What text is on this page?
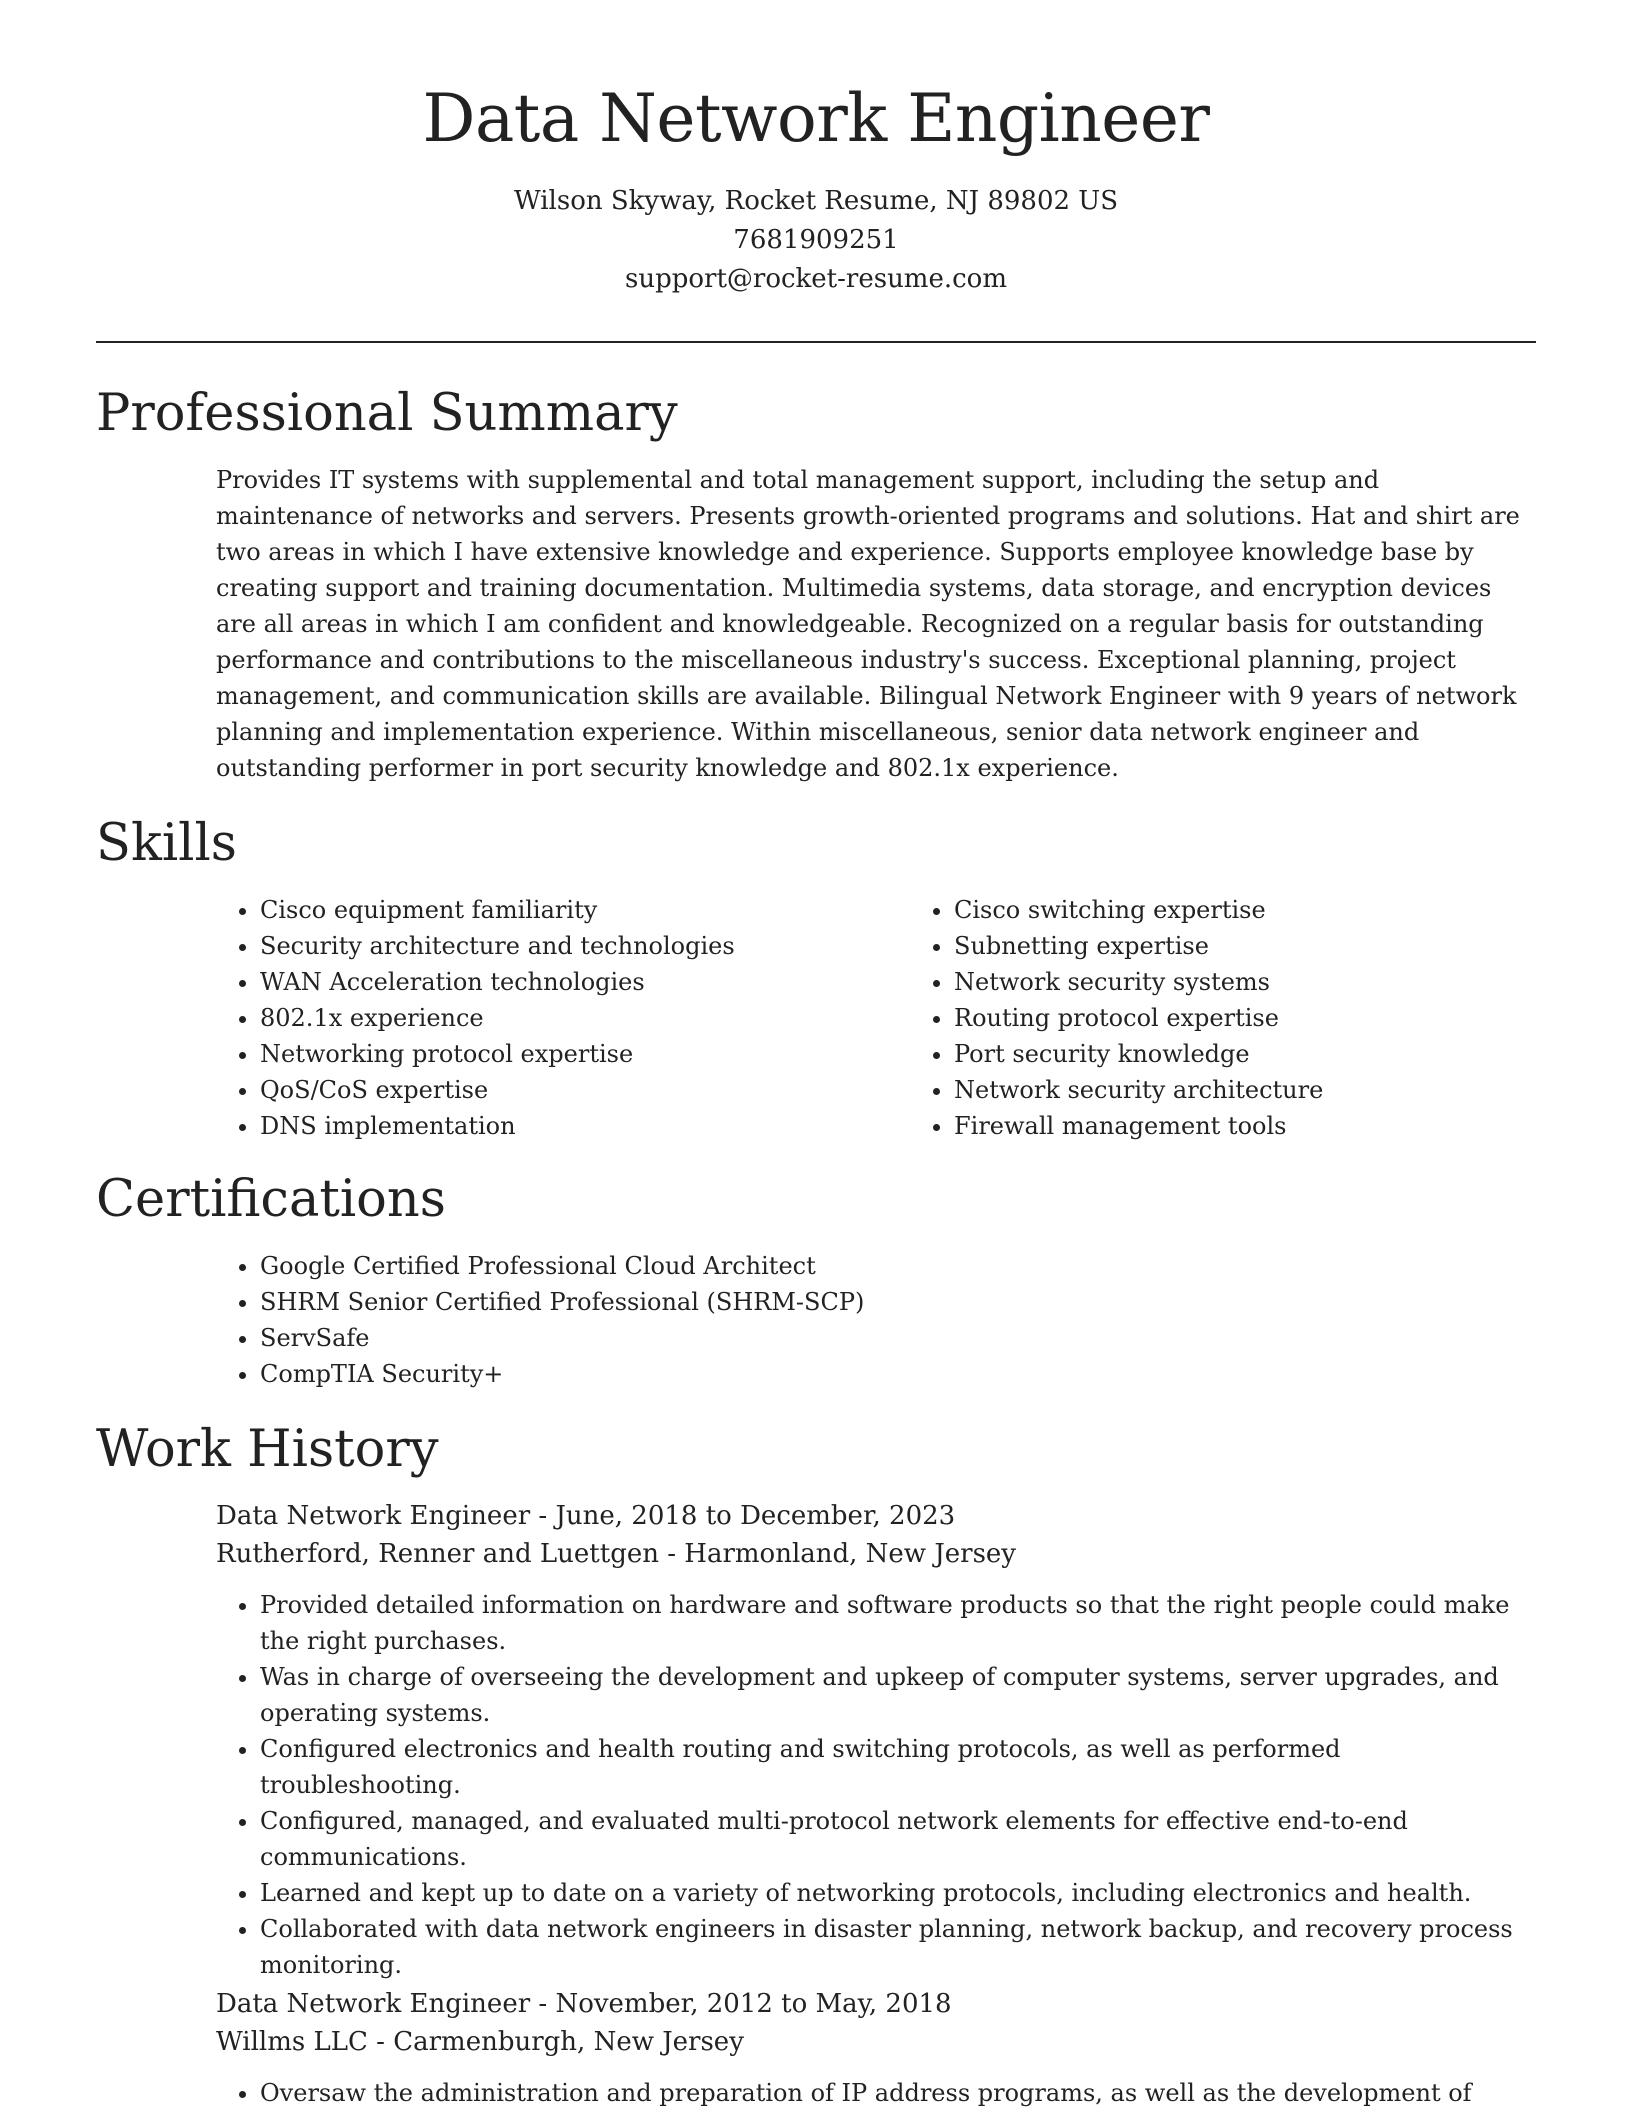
Data Network Engineer
Wilson Skyway, Rocket Resume, NJ 89802 US
7681909251
support@rocket-resume.com
Professional Summary

Provides IT systems with supplemental and total management support, including the setup and maintenance of networks and servers. Presents growth-oriented programs and solutions. Hat and shirt are two areas in which I have extensive knowledge and experience. Supports employee knowledge base by creating support and training documentation. Multimedia systems, data storage, and encryption devices are all areas in which I am confident and knowledgeable. Recognized on a regular basis for outstanding performance and contributions to the miscellaneous industry's success. Exceptional planning, project management, and communication skills are available. Bilingual Network Engineer with 9 years of network planning and implementation experience. Within miscellaneous, senior data network engineer and outstanding performer in port security knowledge and 802.1x experience.

Skills
• Cisco equipment familiarity
• Security architecture and technologies
• WAN Acceleration technologies
• 802.1x experience
• Networking protocol expertise
• QoS/CoS expertise
• DNS implementation
• Cisco switching expertise
• Subnetting expertise
• Network security systems
• Routing protocol expertise
• Port security knowledge
• Network security architecture
• Firewall management tools
Certifications
• Google Certified Professional Cloud Architect
• SHRM Senior Certified Professional (SHRM-SCP)
• ServSafe
• CompTIA Security+
Work History
Data Network Engineer - June, 2018 to December, 2023
Rutherford, Renner and Luettgen - Harmonland, New Jersey
• Provided detailed information on hardware and software products so that the right people could make the right purchases.
• Was in charge of overseeing the development and upkeep of computer systems, server upgrades, and operating systems.
• Configured electronics and health routing and switching protocols, as well as performed troubleshooting.
• Configured, managed, and evaluated multi-protocol network elements for effective end-to-end communications.
• Learned and kept up to date on a variety of networking protocols, including electronics and health.
• Collaborated with data network engineers in disaster planning, network backup, and recovery process monitoring.
Data Network Engineer - November, 2012 to May, 2018
Willms LLC - Carmenburgh, New Jersey
• Oversaw the administration and preparation of IP address programs, as well as the development of
